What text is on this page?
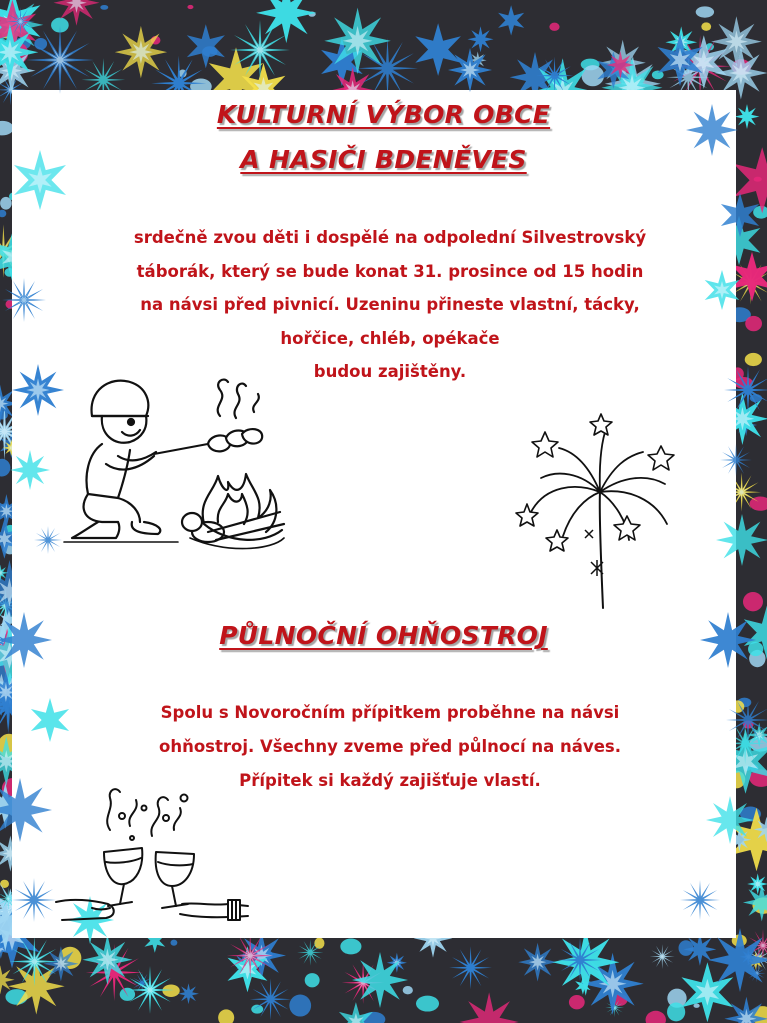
KULTURNÍ VÝBOR OBCE
A HASIČI BDENĚVES
srdečně zvou děti i dospělé na odpolední Silvestrovský
táborák, který se bude konat 31. prosince od 15 hodin
na návsi před pivnicí. Uzeninu přineste vlastní, tácky,
hořčice, chléb, opékače
budou zajištěny.
PŮLNOČNÍ OHŇOSTROJ
Spolu s Novoročním přípitkem proběhne na návsi
ohňostroj. Všechny zveme před půlnocí na náves.
Přípitek si každý zajišťuje vlastí.
